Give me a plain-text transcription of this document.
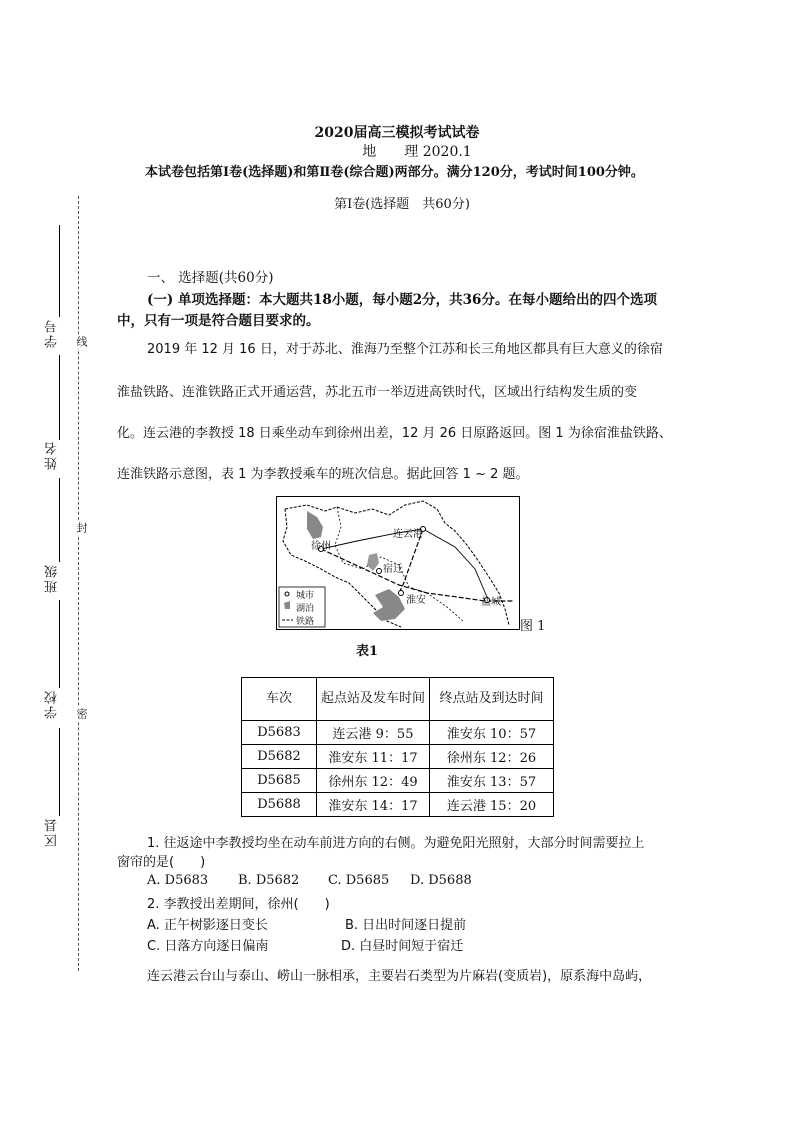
学号
姓名
班级
学校
区县
线
封
密
2020届高三模拟考试试卷
地　　理 2020.1
本试卷包括第Ⅰ卷(选择题)和第Ⅱ卷(综合题)两部分。满分120分，考试时间100分钟。
第Ⅰ卷(选择题　共60分)
一、 选择题(共60分)
(一) 单项选择题：本大题共18小题，每小题2分，共36分。在每小题给出的四个选项
中，只有一项是符合题目要求的。
2019 年 12 月 16 日，对于苏北、淮海乃至整个江苏和长三角地区都具有巨大意义的徐宿
淮盐铁路、连淮铁路正式开通运营，苏北五市一举迈进高铁时代，区域出行结构发生质的变
化。连云港的李教授 18 日乘坐动车到徐州出差，12 月 26 日原路返回。图 1 为徐宿淮盐铁路、
连淮铁路示意图，表 1 为李教授乘车的班次信息。据此回答 1 ~ 2 题。
连云港
徐州
宿迁
淮安	盐城
城市
湖泊
铁路	图 1
表1
车次	起点站及发车时间	终点站及到达时间
D5683	连云港 9：55	淮安东 10：57
D5682	淮安东 11：17	徐州东 12：26
D5685	徐州东 12：49	淮安东 13：57
D5688	淮安东 14：17	连云港 15：20
1. 往返途中李教授均坐在动车前进方向的右侧。为避免阳光照射，大部分时间需要拉上
窗帘的是(　　)
A. D5683 B. D5682 C. D5685 D. D5688
2. 李教授出差期间，徐州(　　)
A. 正午树影逐日变长	B. 日出时间逐日提前
C. 日落方向逐日偏南	D. 白昼时间短于宿迁
连云港云台山与泰山、崂山一脉相承，主要岩石类型为片麻岩(变质岩)，原系海中岛屿，
